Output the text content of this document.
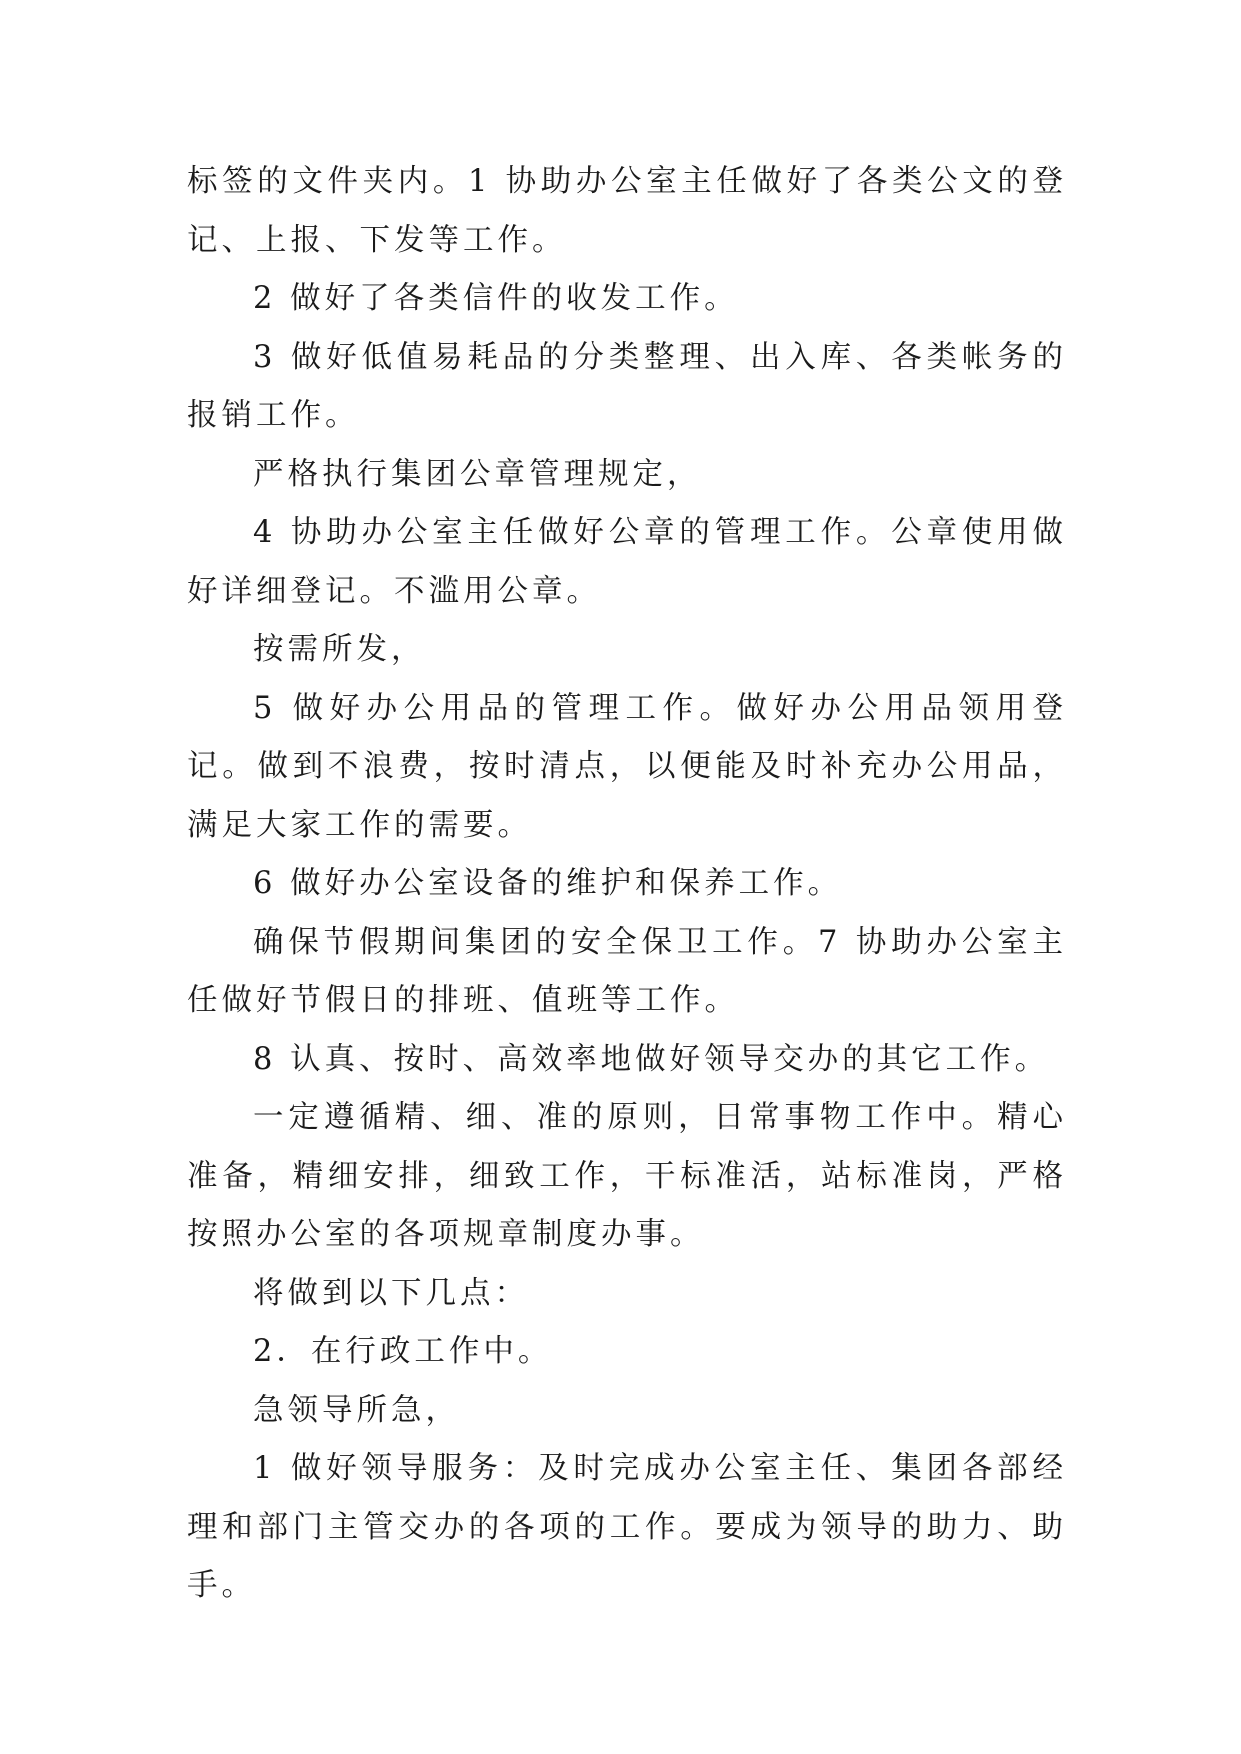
标签的文件夹内。1 协助办公室主任做好了各类公文的登记、上报、下发等工作。

2 做好了各类信件的收发工作。

3 做好低值易耗品的分类整理、出入库、各类帐务的报销工作。

严格执行集团公章管理规定，

4 协助办公室主任做好公章的管理工作。公章使用做好详细登记。不滥用公章。

按需所发，

5 做好办公用品的管理工作。做好办公用品领用登记。做到不浪费，按时清点，以便能及时补充办公用品，满足大家工作的需要。

6 做好办公室设备的维护和保养工作。

确保节假期间集团的安全保卫工作。7 协助办公室主任做好节假日的排班、值班等工作。

8 认真、按时、高效率地做好领导交办的其它工作。

一定遵循精、细、准的原则，日常事物工作中。精心准备，精细安排，细致工作，干标准活，站标准岗，严格按照办公室的各项规章制度办事。

将做到以下几点：

2．在行政工作中。

急领导所急，

1 做好领导服务：及时完成办公室主任、集团各部经理和部门主管交办的各项的工作。要成为领导的助力、助手。
